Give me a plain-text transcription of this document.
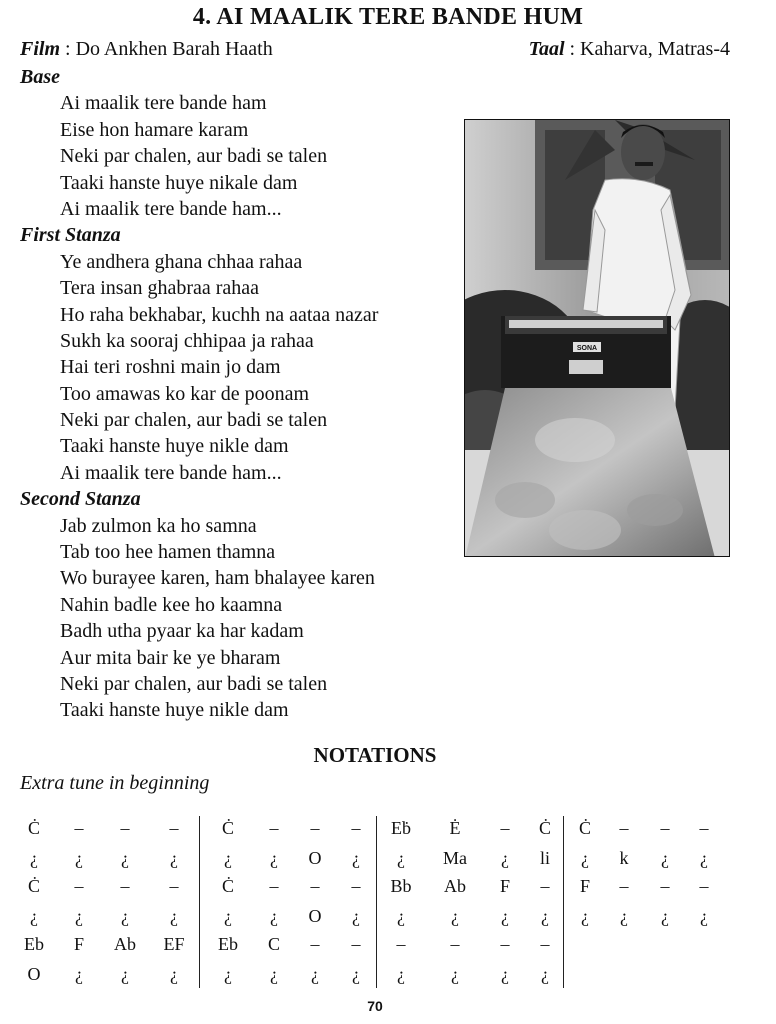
4. AI MAALIK TERE BANDE HUM
Film : Do Ankhen Barah Haath	Taal : Kaharva, Matras-4
Base
Ai maalik tere bande ham
Eise hon hamare karam
Neki par chalen, aur badi se talen
Taaki hanste huye nikale dam
Ai maalik tere bande ham...
First Stanza
Ye andhera ghana chhaa rahaa
Tera insan ghabraa rahaa
Ho raha bekhabar, kuchh na aataa nazar
Sukh ka sooraj chhipaa ja rahaa
Hai teri roshni main jo dam
Too amawas ko kar de poonam
Neki par chalen, aur badi se talen
Taaki hanste huye nikle dam
Ai maalik tere bande ham...
Second Stanza
Jab zulmon ka ho samna
Tab too hee hamen thamna
Wo burayee karen, ham bhalayee karen
Nahin badle kee ho kaamna
Badh utha pyaar ka har kadam
Aur mita bair ke ye bharam
Neki par chalen, aur badi se talen
Taaki hanste huye nikle dam
SONA
NOTATIONS
Extra tune in beginning
Ċ	–	–	–	Ċ	–	–	–	Eḃ	Ė	–	Ċ	Ċ	–	–	–
¿	¿	¿	¿	¿	¿	O	¿	¿	Ma	¿	li	¿	k	¿	¿
Ċ	–	–	–	Ċ	–	–	–	Bb	Ab	F	–	F	–	–	–
¿	¿	¿	¿	¿	¿	O	¿	¿	¿	¿	¿	¿	¿	¿	¿
Eb	F	Ab	EF	Eb	C	–	–	–	–	–	–
O	¿	¿	¿	¿	¿	¿	¿	¿	¿	¿	¿
70
